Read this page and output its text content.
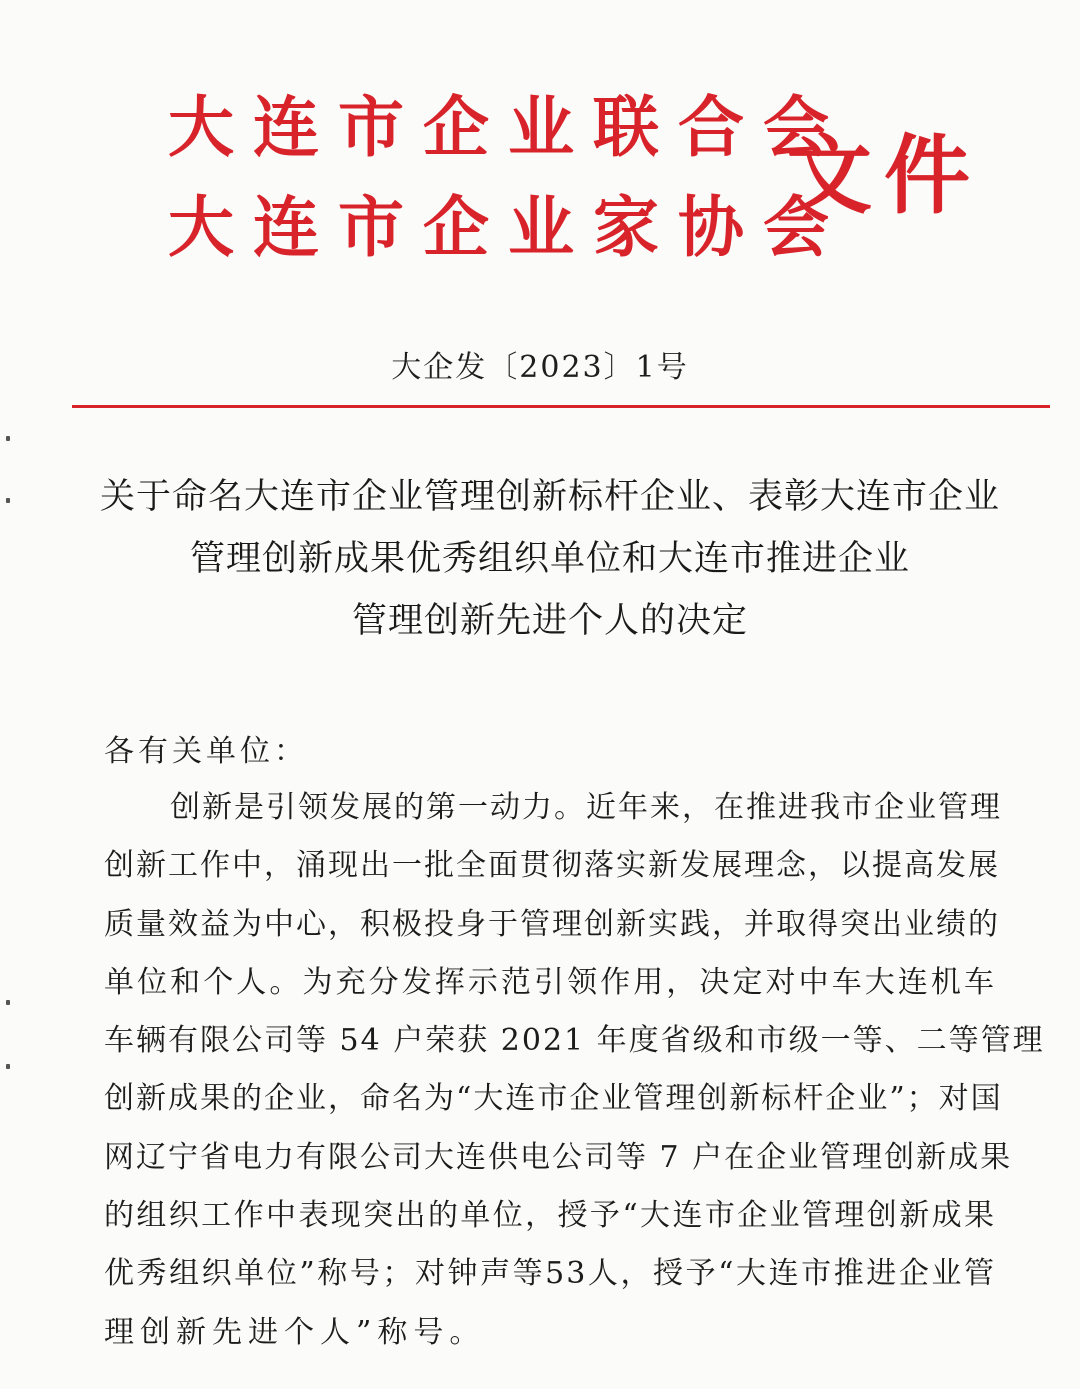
大连市企业联合会
大连市企业家协会
文件
大企发〔2023〕1号
关于命名大连市企业管理创新标杆企业、表彰大连市企业
管理创新成果优秀组织单位和大连市推进企业
管理创新先进个人的决定
各有关单位：
创新是引领发展的第一动力。近年来，在推进我市企业管理
创新工作中，涌现出一批全面贯彻落实新发展理念，以提高发展
质量效益为中心，积极投身于管理创新实践，并取得突出业绩的
单位和个人。为充分发挥示范引领作用，决定对中车大连机车
车辆有限公司等 54 户荣获 2021 年度省级和市级一等、二等管理
创新成果的企业，命名为“大连市企业管理创新标杆企业”；对国
网辽宁省电力有限公司大连供电公司等 7 户在企业管理创新成果
的组织工作中表现突出的单位，授予“大连市企业管理创新成果
优秀组织单位”称号；对钟声等53人，授予“大连市推进企业管
理创新先进个人”称号。
